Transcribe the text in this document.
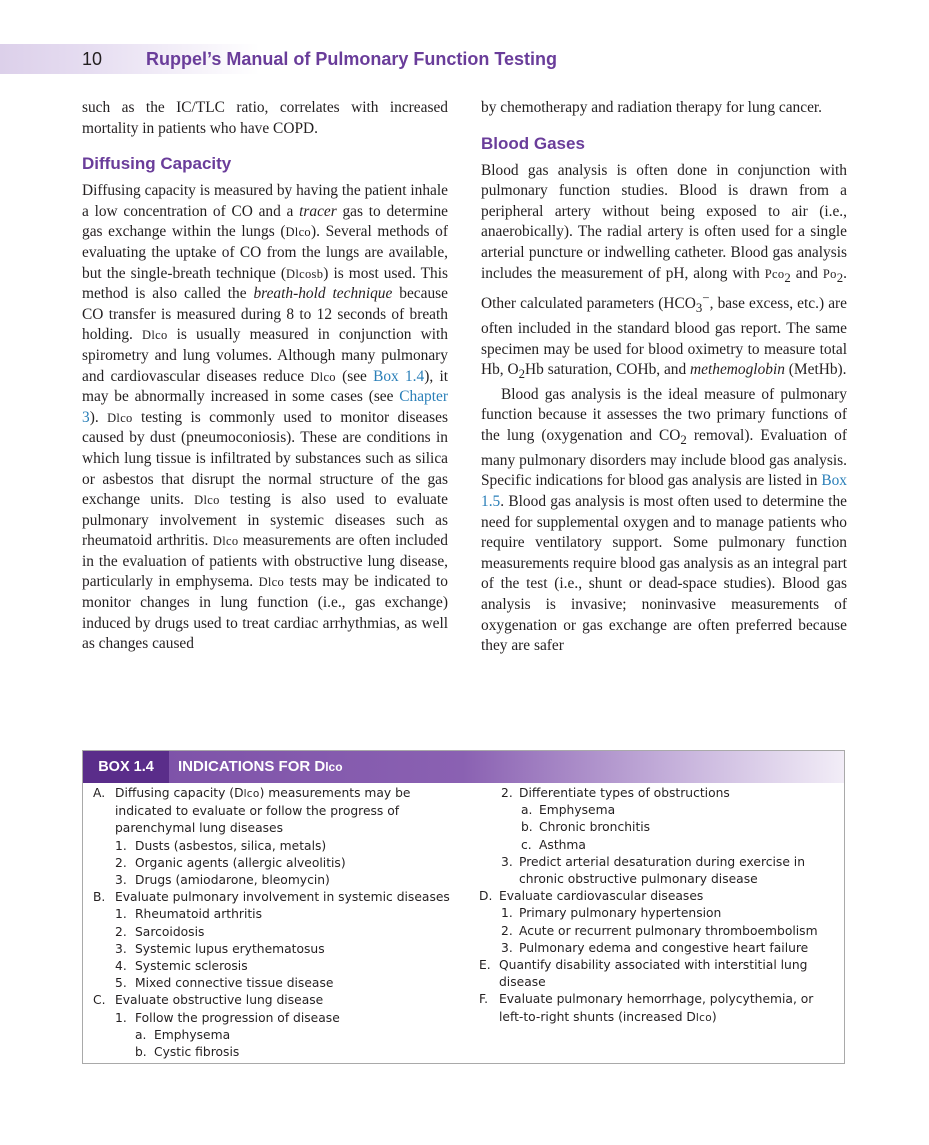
10 Ruppel’s Manual of Pulmonary Function Testing

such as the IC/TLC ratio, correlates with increased mortality in patients who have COPD.

Diffusing Capacity

Diffusing capacity is measured by having the patient inhale a low concentration of CO and a tracer gas to determine gas exchange within the lungs (Dlco). Several methods of evaluating the uptake of CO from the lungs are available, but the single-breath technique (Dlcosb) is most used. This method is also called the breath-hold technique because CO transfer is measured during 8 to 12 seconds of breath holding. Dlco is usually measured in conjunction with spirometry and lung volumes. Although many pulmonary and cardiovascular diseases reduce Dlco (see Box 1.4), it may be abnormally increased in some cases (see Chapter 3). Dlco testing is commonly used to monitor diseases caused by dust (pneumoconiosis). These are conditions in which lung tissue is infiltrated by substances such as silica or asbestos that disrupt the normal structure of the gas exchange units. Dlco testing is also used to evaluate pulmonary involvement in systemic diseases such as rheumatoid arthritis. Dlco measurements are often included in the evaluation of patients with obstructive lung disease, particularly in emphysema. Dlco tests may be indicated to monitor changes in lung function (i.e., gas exchange) induced by drugs used to treat cardiac arrhythmias, as well as changes caused

by chemotherapy and radiation therapy for lung cancer.

Blood Gases

Blood gas analysis is often done in conjunction with pulmonary function studies. Blood is drawn from a peripheral artery without being exposed to air (i.e., anaerobically). The radial artery is often used for a single arterial puncture or indwelling catheter. Blood gas analysis includes the measurement of pH, along with Pco$_2$ and $Po_2$. Other calculated parameters ($HCO_3^-$, base excess, etc.) are often included in the standard blood gas report. The same specimen may be used for blood oximetry to measure total Hb, $O_2Hb$ saturation, COHb, and methemoglobin (MetHb).

Blood gas analysis is the ideal measure of pulmonary function because it assesses the two primary functions of the lung (oxygenation and $CO_2$ removal). Evaluation of many pulmonary disorders may include blood gas analysis. Specific indications for blood gas analysis are listed in Box 1.5. Blood gas analysis is most often used to determine the need for supplemental oxygen and to manage patients who require ventilatory support. Some pulmonary function measurements require blood gas analysis as an integral part of the test (i.e., shunt or dead-space studies). Blood gas analysis is invasive; noninvasive measurements of oxygenation or gas exchange are often preferred because they are safer

BOX 1.4	INDICATIONS FOR Dlco
A. Diffusing capacity (Dlco) measurements may be
indicated to evaluate or follow the progress of
parenchymal lung diseases
1. Dusts (asbestos, silica, metals)
2. Organic agents (allergic alveolitis)
3. Drugs (amiodarone, bleomycin)
B. Evaluate pulmonary involvement in systemic diseases
1. Rheumatoid arthritis
2. Sarcoidosis
3. Systemic lupus erythematosus
4. Systemic sclerosis
5. Mixed connective tissue disease
C. Evaluate obstructive lung disease
1. Follow the progression of disease
a. Emphysema
b. Cystic fibrosis
2. Differentiate types of obstructions
a. Emphysema
b. Chronic bronchitis
c. Asthma
3. Predict arterial desaturation during exercise in
chronic obstructive pulmonary disease
D. Evaluate cardiovascular diseases
1. Primary pulmonary hypertension
2. Acute or recurrent pulmonary thromboembolism
3. Pulmonary edema and congestive heart failure
E. Quantify disability associated with interstitial lung
disease
F. Evaluate pulmonary hemorrhage, polycythemia, or
left-to-right shunts (increased Dlco)
